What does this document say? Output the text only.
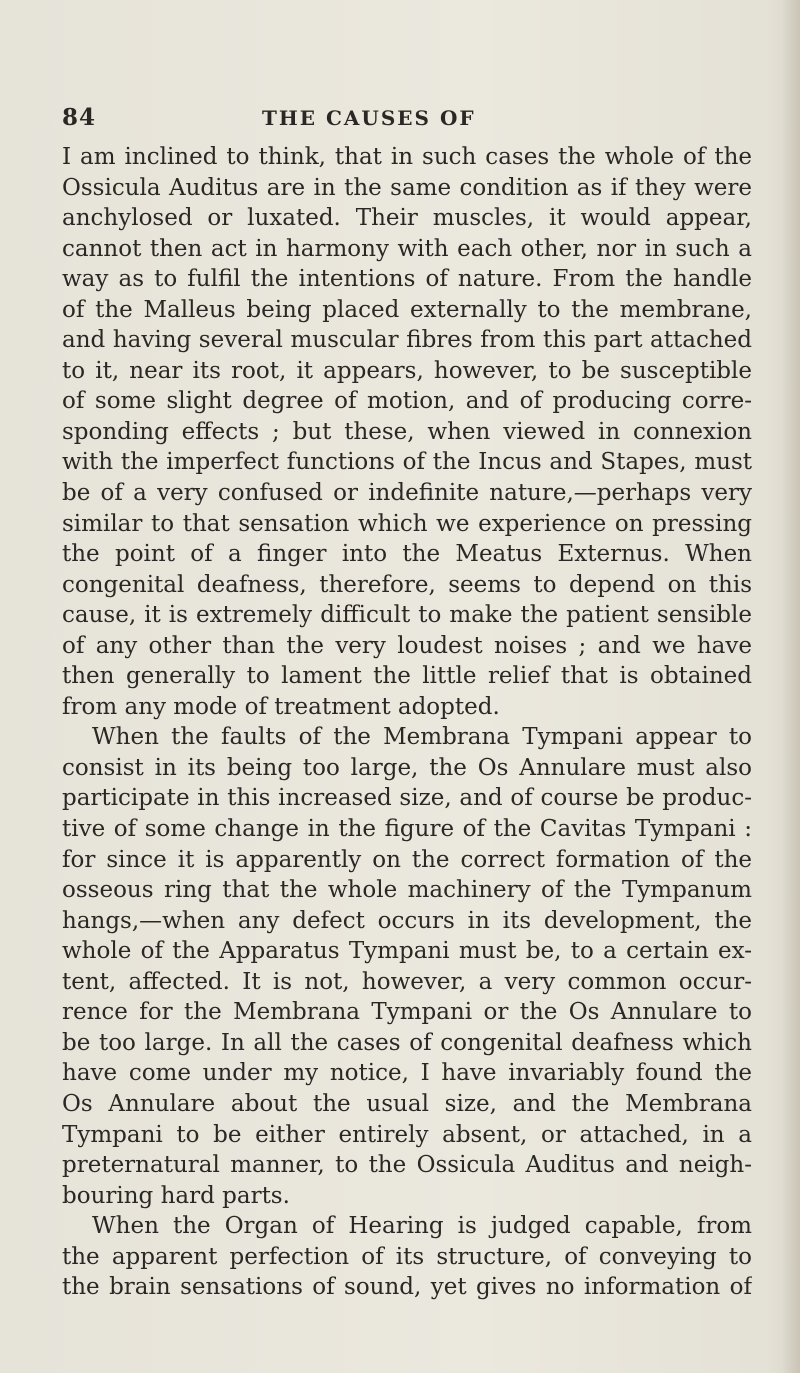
84	THE CAUSES OF
I am inclined to think, that in such cases the whole of the
Ossicula Auditus are in the same condition as if they were
anchylosed or luxated. Their muscles, it would appear,
cannot then act in harmony with each other, nor in such a
way as to fulfil the intentions of nature. From the handle
of the Malleus being placed externally to the membrane,
and having several muscular fibres from this part attached
to it, near its root, it appears, however, to be susceptible
of some slight degree of motion, and of producing corre-
sponding effects ; but these, when viewed in connexion
with the imperfect functions of the Incus and Stapes, must
be of a very confused or indefinite nature,—perhaps very
similar to that sensation which we experience on pressing
the point of a finger into the Meatus Externus. When
congenital deafness, therefore, seems to depend on this
cause, it is extremely difficult to make the patient sensible
of any other than the very loudest noises ; and we have
then generally to lament the little relief that is obtained
from any mode of treatment adopted.
When the faults of the Membrana Tympani appear to
consist in its being too large, the Os Annulare must also
participate in this increased size, and of course be produc-
tive of some change in the figure of the Cavitas Tympani :
for since it is apparently on the correct formation of the
osseous ring that the whole machinery of the Tympanum
hangs,—when any defect occurs in its development, the
whole of the Apparatus Tympani must be, to a certain ex-
tent, affected. It is not, however, a very common occur-
rence for the Membrana Tympani or the Os Annulare to
be too large. In all the cases of congenital deafness which
have come under my notice, I have invariably found the
Os Annulare about the usual size, and the Membrana
Tympani to be either entirely absent, or attached, in a
preternatural manner, to the Ossicula Auditus and neigh-
bouring hard parts.
When the Organ of Hearing is judged capable, from
the apparent perfection of its structure, of conveying to
the brain sensations of sound, yet gives no information of
